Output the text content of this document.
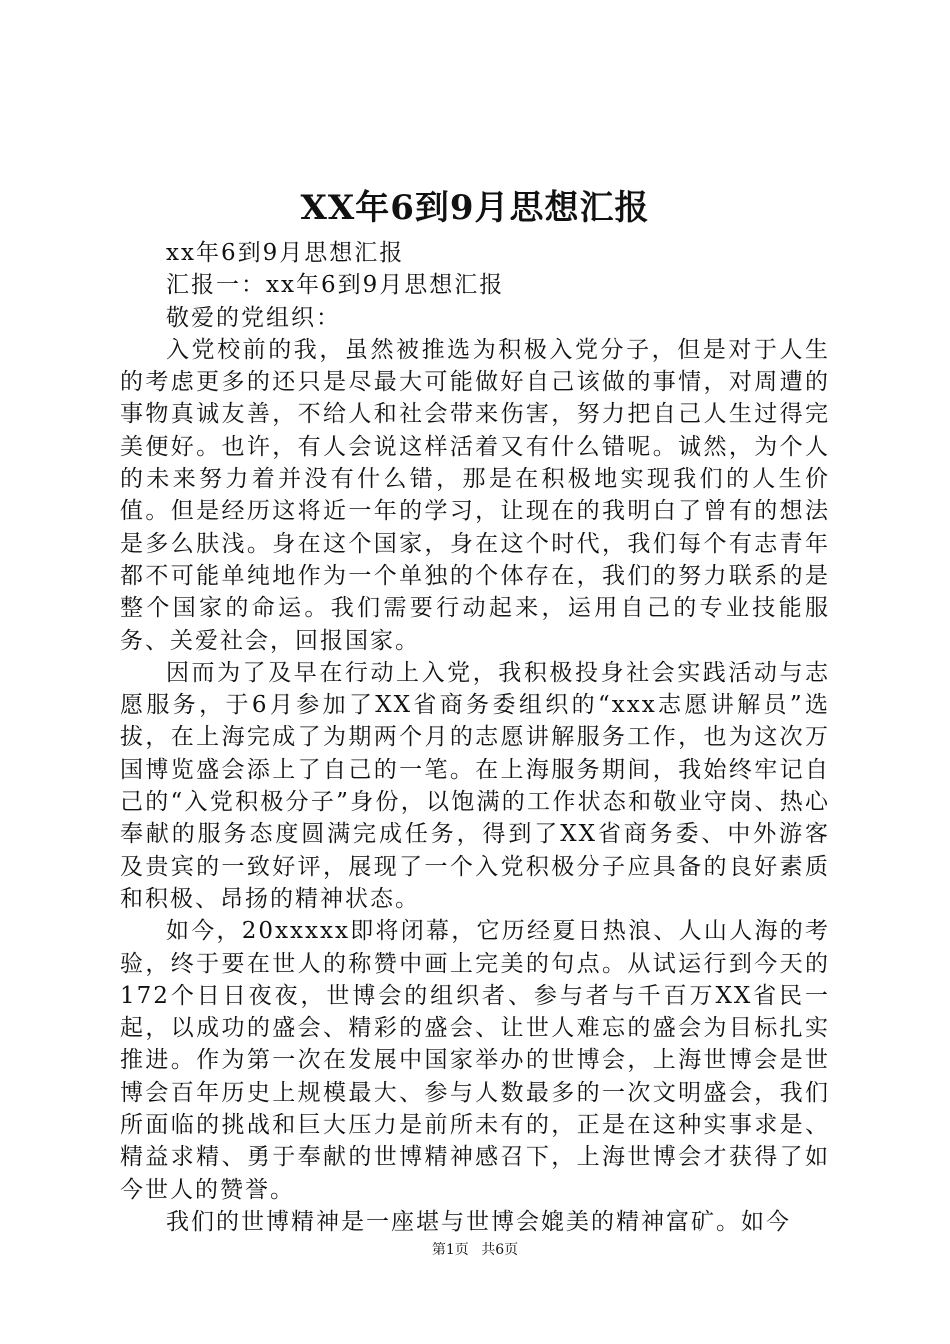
XX年6到9月思想汇报

xx年6到9月思想汇报

汇报一：xx年6到9月思想汇报

敬爱的党组织：

入党校前的我，虽然被推选为积极入党分子，但是对于人生的考虑更多的还只是尽最大可能做好自己该做的事情，对周遭的事物真诚友善，不给人和社会带来伤害，努力把自己人生过得完美便好。也许，有人会说这样活着又有什么错呢。诚然，为个人的未来努力着并没有什么错，那是在积极地实现我们的人生价值。但是经历这将近一年的学习，让现在的我明白了曾有的想法是多么肤浅。身在这个国家，身在这个时代，我们每个有志青年都不可能单纯地作为一个单独的个体存在，我们的努力联系的是整个国家的命运。我们需要行动起来，运用自己的专业技能服务、关爱社会，回报国家。

因而为了及早在行动上入党，我积极投身社会实践活动与志愿服务，于6月参加了XX省商务委组织的“xxx志愿讲解员”选拔，在上海完成了为期两个月的志愿讲解服务工作，也为这次万国博览盛会添上了自己的一笔。在上海服务期间，我始终牢记自己的“入党积极分子”身份，以饱满的工作状态和敬业守岗、热心奉献的服务态度圆满完成任务，得到了XX省商务委、中外游客及贵宾的一致好评，展现了一个入党积极分子应具备的良好素质和积极、昂扬的精神状态。

如今，20xxxxx即将闭幕，它历经夏日热浪、人山人海的考验，终于要在世人的称赞中画上完美的句点。从试运行到今天的172个日日夜夜，世博会的组织者、参与者与千百万XX省民一起，以成功的盛会、精彩的盛会、让世人难忘的盛会为目标扎实推进。作为第一次在发展中国家举办的世博会，上海世博会是世博会百年历史上规模最大、参与人数最多的一次文明盛会，我们所面临的挑战和巨大压力是前所未有的，正是在这种实事求是、精益求精、勇于奉献的世博精神感召下，上海世博会才获得了如今世人的赞誉。

我们的世博精神是一座堪与世博会媲美的精神富矿。如今

第1页 共6页
